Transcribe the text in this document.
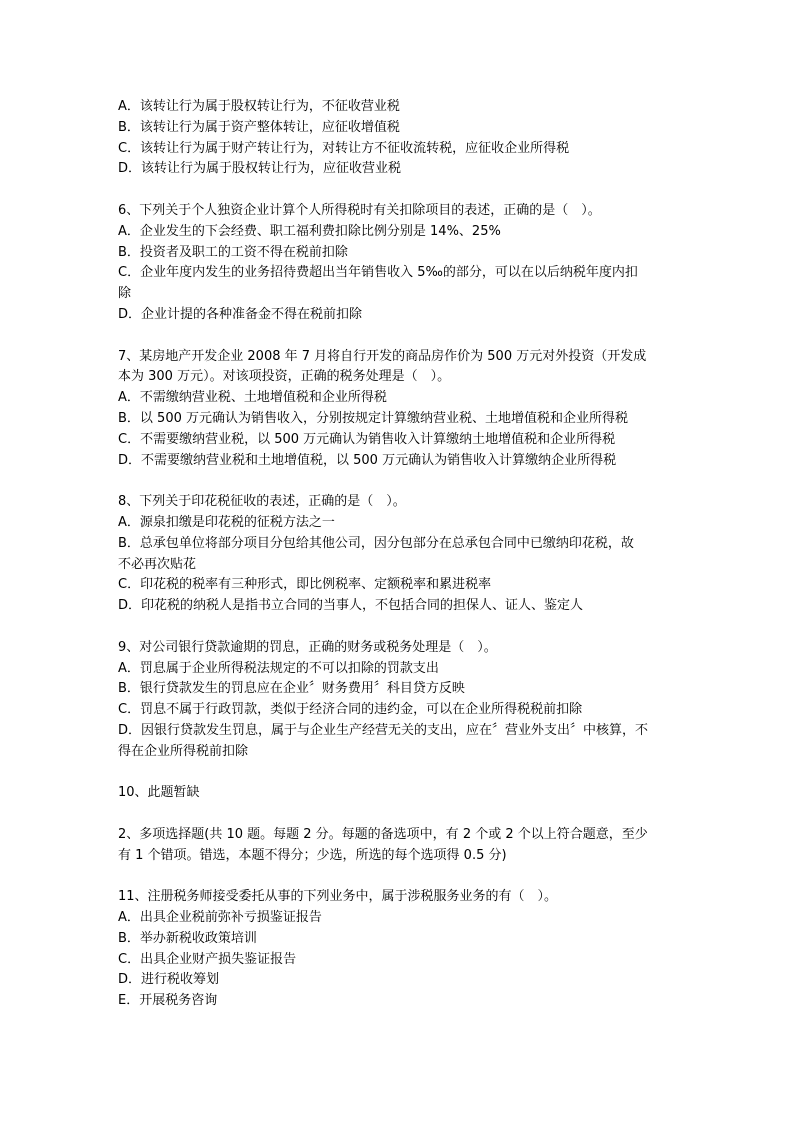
A．该转让行为属于股权转让行为，不征收营业税
B．该转让行为属于资产整体转让，应征收增值税
C．该转让行为属于财产转让行为，对转让方不征收流转税，应征收企业所得税
D．该转让行为属于股权转让行为，应征收营业税
6、下列关于个人独资企业计算个人所得税时有关扣除项目的表述，正确的是（　）。
A．企业发生的下会经费、职工福利费扣除比例分别是 14%、25%
B．投资者及职工的工资不得在税前扣除
C．企业年度内发生的业务招待费超出当年销售收入 5‰的部分，可以在以后纳税年度内扣
除
D．企业计提的各种准备金不得在税前扣除
7、某房地产开发企业 2008 年 7 月将自行开发的商品房作价为 500 万元对外投资（开发成
本为 300 万元）。对该项投资，正确的税务处理是（　）。
A．不需缴纳营业税、土地增值税和企业所得税
B．以 500 万元确认为销售收入，分别按规定计算缴纳营业税、土地增值税和企业所得税
C．不需要缴纳营业税，以 500 万元确认为销售收入计算缴纳土地增值税和企业所得税
D．不需要缴纳营业税和土地增值税，以 500 万元确认为销售收入计算缴纳企业所得税
8、下列关于印花税征收的表述，正确的是（　）。
A．源泉扣缴是印花税的征税方法之一
B．总承包单位将部分项目分包给其他公司，因分包部分在总承包合同中已缴纳印花税，故
不必再次贴花
C．印花税的税率有三种形式，即比例税率、定额税率和累进税率
D．印花税的纳税人是指书立合同的当事人，不包括合同的担保人、证人、鉴定人
9、对公司银行贷款逾期的罚息，正确的财务或税务处理是（　）。
A．罚息属于企业所得税法规定的不可以扣除的罚款支出
B．银行贷款发生的罚息应在企业〞财务费用〞科目贷方反映
C．罚息不属于行政罚款，类似于经济合同的违约金，可以在企业所得税税前扣除
D．因银行贷款发生罚息，属于与企业生产经营无关的支出，应在〞营业外支出〞中核算，不
得在企业所得税前扣除
10、此题暂缺
2、多项选择题(共 10 题。每题 2 分。每题的备选项中，有 2 个或 2 个以上符合题意，至少
有 1 个错项。错选，本题不得分；少选，所选的每个选项得 0.5 分)
11、注册税务师接受委托从事的下列业务中，属于涉税服务业务的有（　）。
A．出具企业税前弥补亏损鉴证报告
B．举办新税收政策培训
C．出具企业财产损失鉴证报告
D．进行税收筹划
E．开展税务咨询
